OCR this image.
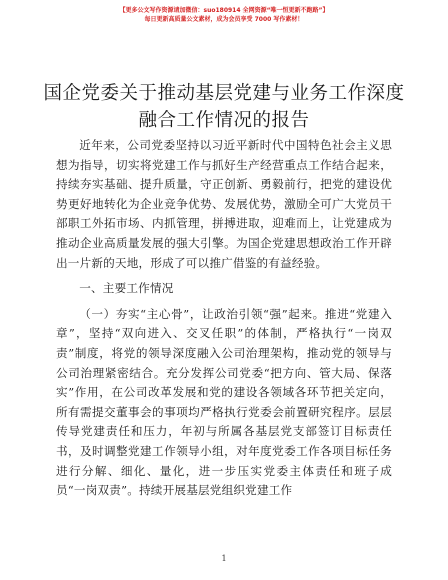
【更多公文写作资源请加微信：suo180914 全网资源“唯一恒更新不跑路”】
每日更新高质量公文素材，成为会员享受 7000 写作素材！
国企党委关于推动基层党建与业务工作深度融合工作情况的报告

近年来，公司党委坚持以习近平新时代中国特色社会主义思想为指导，切实将党建工作与抓好生产经营重点工作结合起来，持续夯实基础、提升质量，守正创新、勇毅前行，把党的建设优势更好地转化为企业竞争优势、发展优势，激励全可广大党员干部职工外拓市场、内抓管理，拼搏进取，迎难而上，让党建成为推动企业高质量发展的强大引擎。为国企党建思想政治工作开辟出一片新的天地，形成了可以推广借鉴的有益经验。

一、主要工作情况

（一）夯实“主心骨”，让政治引领“强”起来。推进“党建入章”，坚持“双向进入、交叉任职”的体制，严格执行“一岗双责”制度，将党的领导深度融入公司治理架构，推动党的领导与公司治理紧密结合。充分发挥公司党委“把方向、管大局、保落实”作用，在公司改革发展和党的建设各领域各环节把关定向，所有需提交董事会的事项均严格执行党委会前置研究程序。层层传导党建责任和压力，年初与所属各基层党支部签订目标责任书，及时调整党建工作领导小组，对年度党委工作各项目标任务进行分解、细化、量化，进一步压实党委主体责任和班子成员“一岗双责”。持续开展基层党组织党建工作

1
